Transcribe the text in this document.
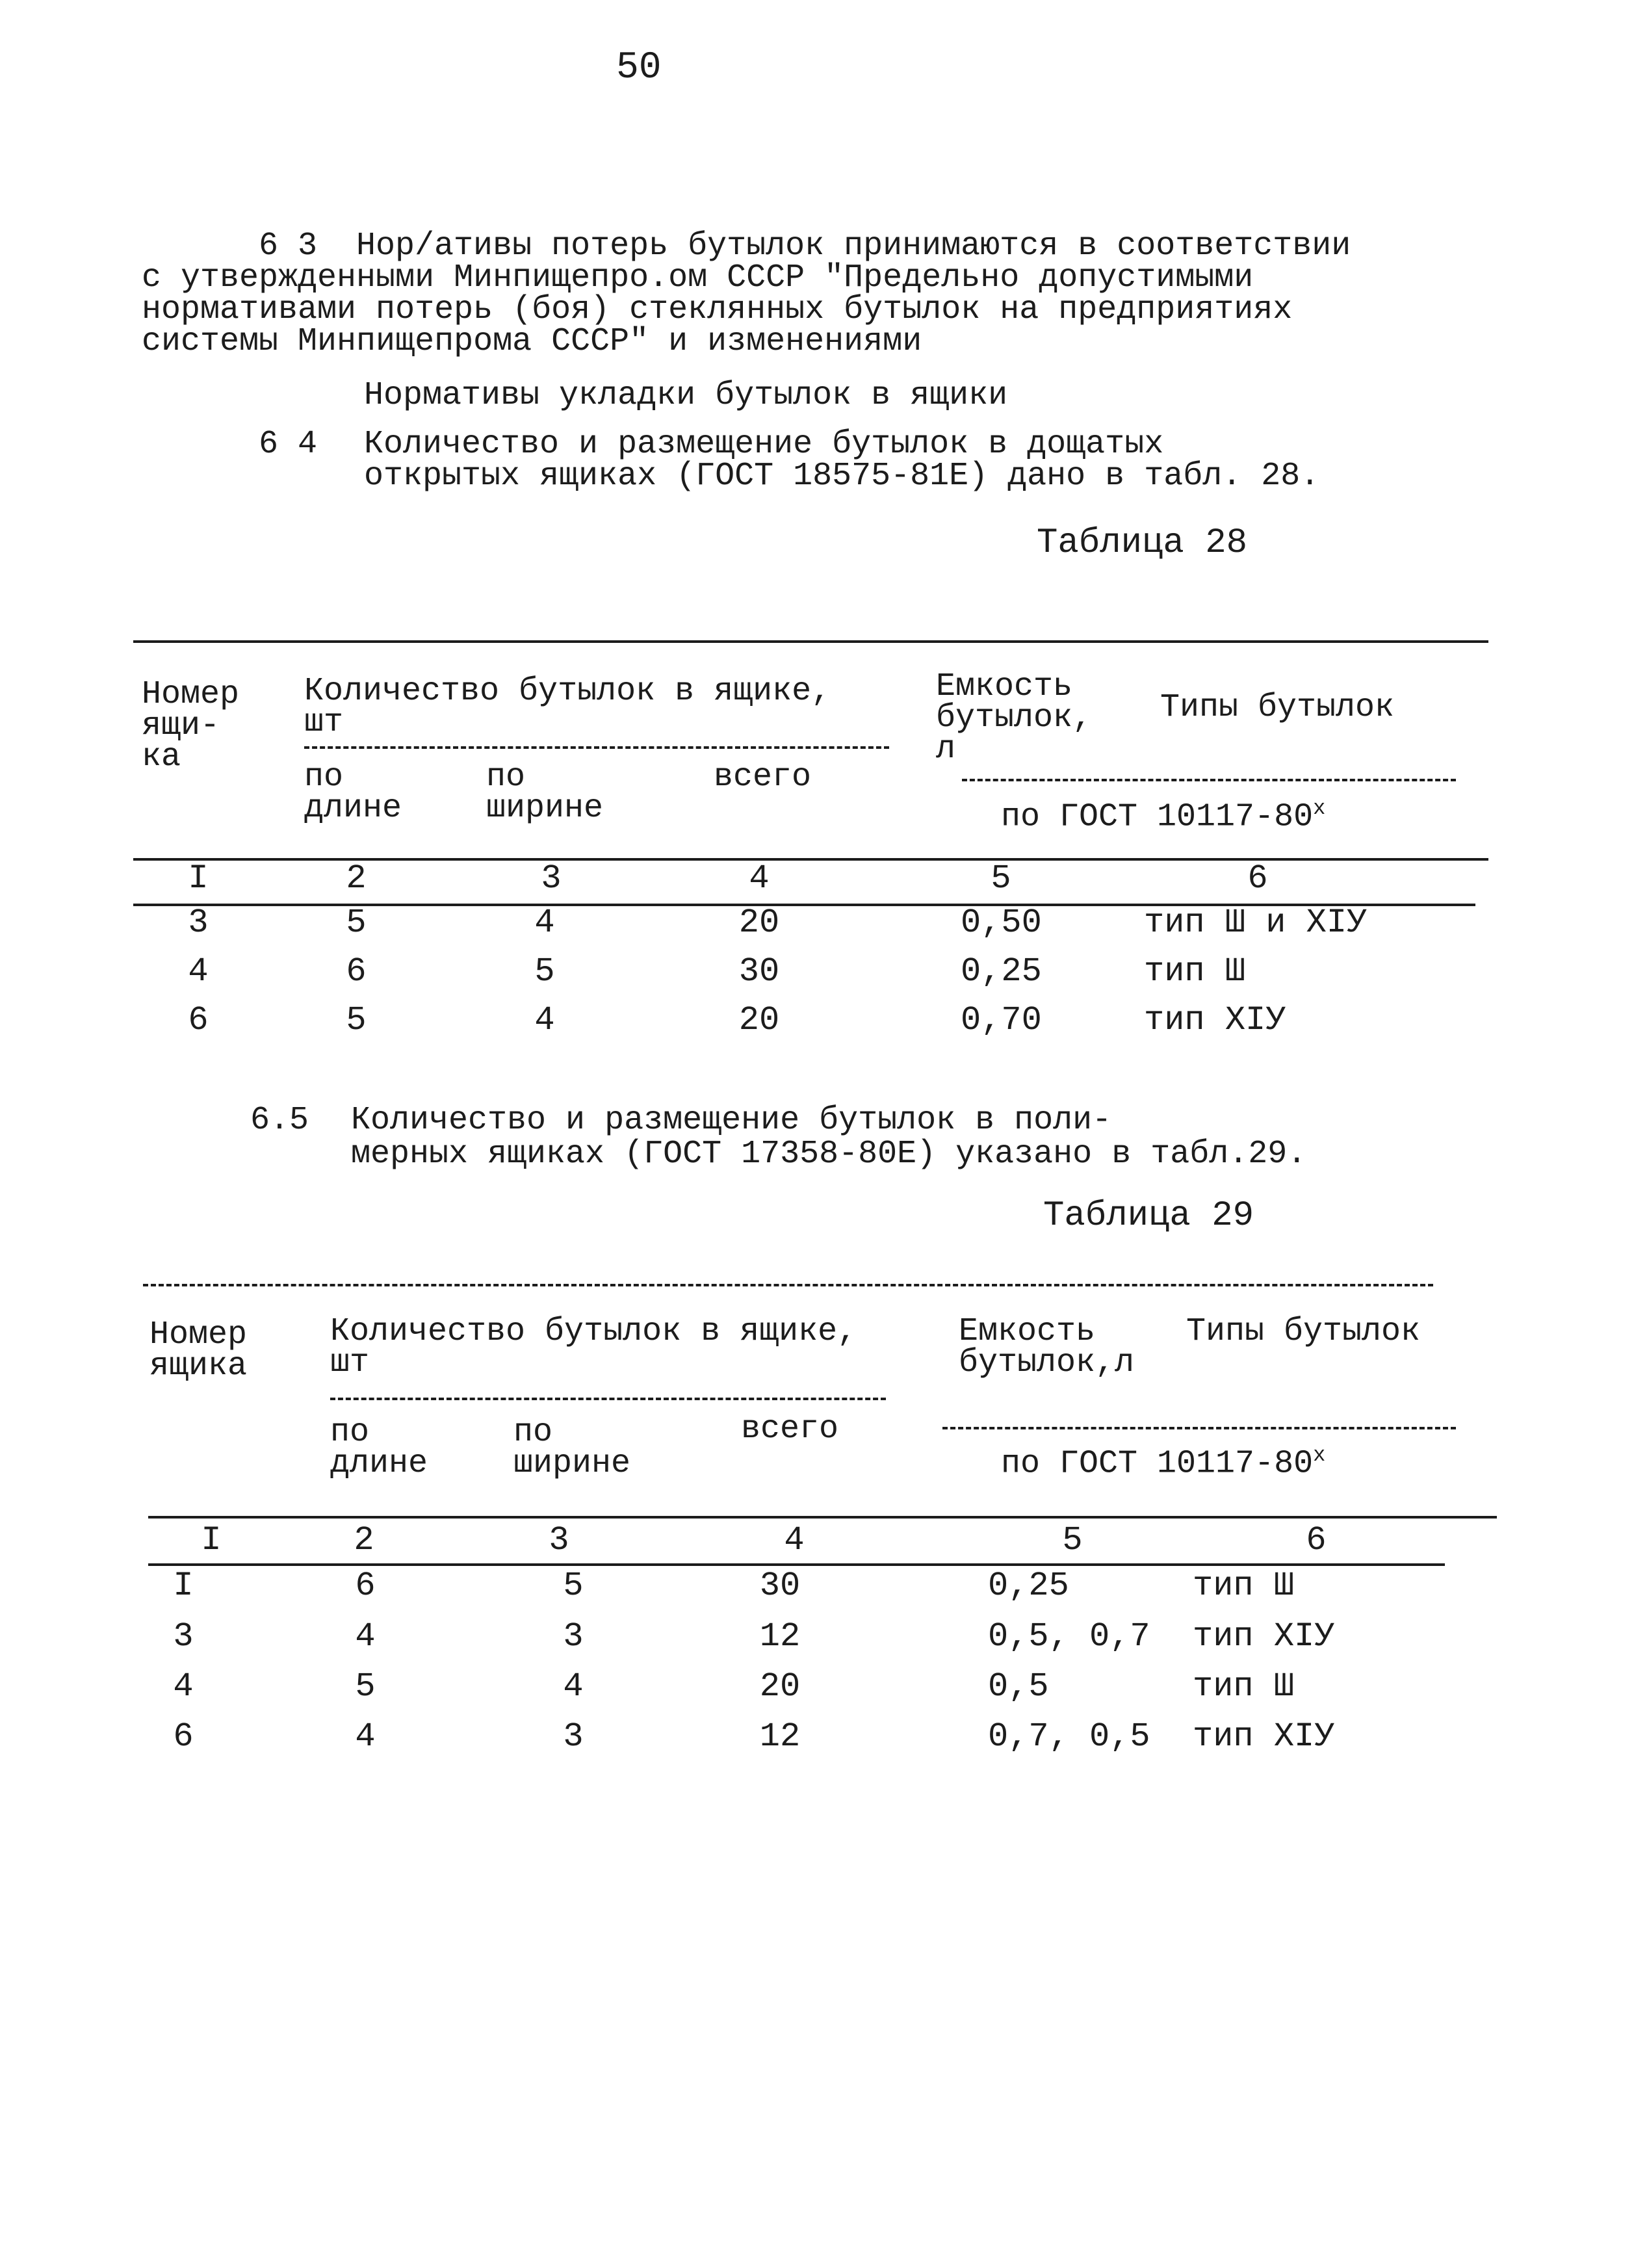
50
6 3  Нор/ативы потерь бутылок принимаются в соответствии
с утвержденными Минпищепро.ом СССР "Предельно допустимыми
нормативами потерь (боя) стеклянных бутылок на предприятиях
системы Минпищепрома СССР" и изменениями
Нормативы укладки бутылок в ящики
6 4 Количество и размещение бутылок в дощатых
открытых ящиках (ГОСТ 18575-81Е) дано в табл. 28.
Таблица 28
Номер
ящи-
ка
Количество бутылок в ящике,
шт
по
длине
по
ширине
всего
Емкость
бутылок,
л
Типы бутылок
по ГОСТ $10117-80^х$
I	2	3	4	5	6
3	5	4	20	0,50	тип Ш и ХIУ
4	6	5	30	0,25	тип Ш
6	5	4	20	0,70	тип ХIУ
6.5 Количество и размещение бутылок в поли-
мерных ящиках (ГОСТ 17358-80Е) указано в табл.29.
Таблица 29
Номер
ящика
Количество бутылок в ящике,
шт
по
длине
по
ширине
всего
Емкость
бутылок,л
Типы бутылок
по ГОСТ $10117-80^х$
I	2	3	4	5	6
I	6	5	30	0,25	тип Ш
3	4	3	12	0,5, 0,7 тип ХIУ
4	5	4	20	0,5	тип Ш
6	4	3	12	0,7, 0,5 тип ХIУ
